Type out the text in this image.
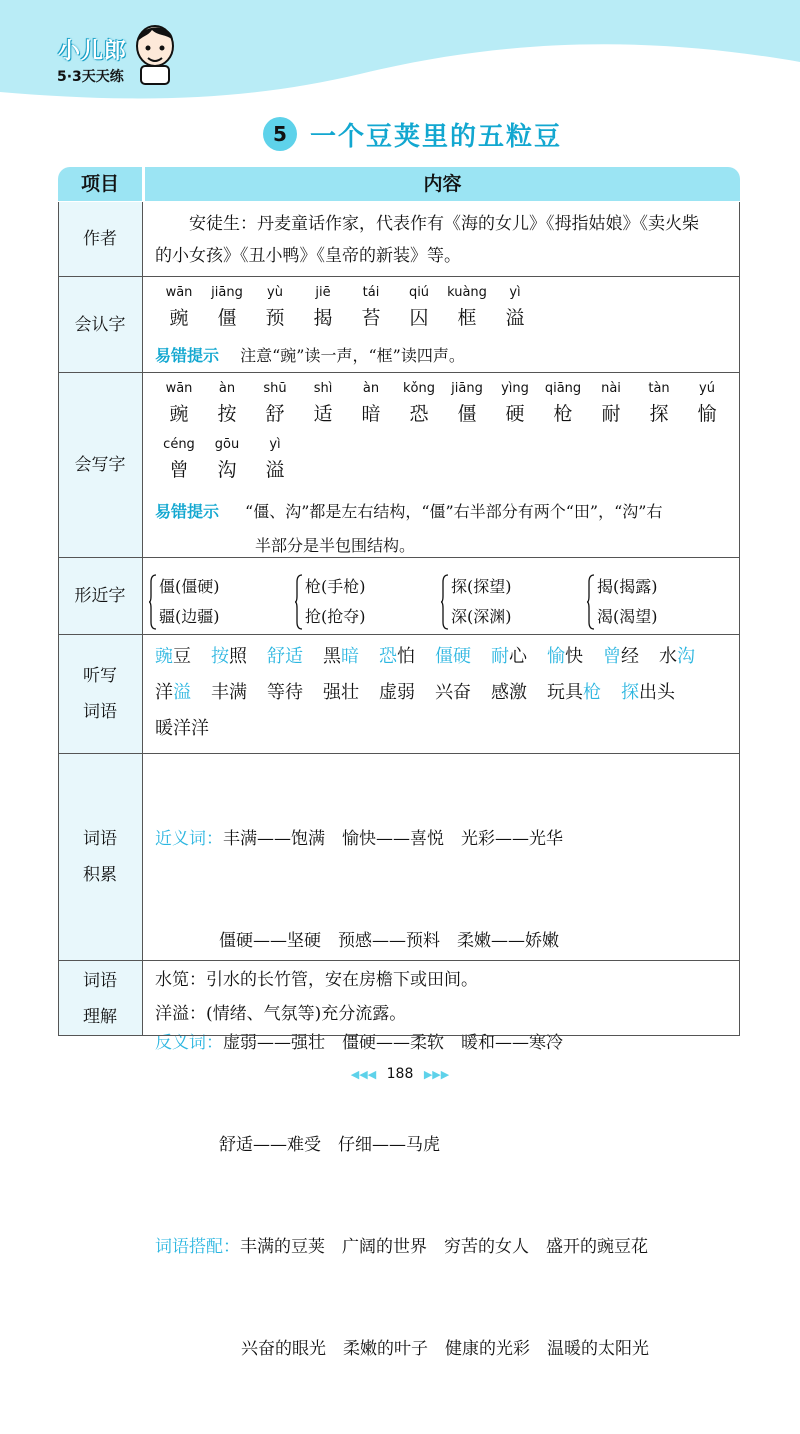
小儿郎
5·3天天练
5 一个豆荚里的五粒豆
项目	内容
作者
安徒生：丹麦童话作家，代表作有《海的女儿》《拇指姑娘》《卖火柴
的小女孩》《丑小鸭》《皇帝的新装》等。
会认字
wān
豌
jiāng
僵
yù
预
jiē
揭
tái
苔
qiú
囚
kuàng
框
yì
溢
易错提示 注意“豌”读一声，“框”读四声。
会写字
wān
豌
àn
按
shū
舒
shì
适
àn
暗
kǒng
恐
jiāng
僵
yìng
硬
qiāng
枪
nài
耐
tàn
探
yú
愉
céng
曾
gōu
沟
yì
溢
易错提示 “僵、沟”都是左右结构，“僵”右半部分有两个“田”，“沟”右
半部分是半包围结构。
形近字 僵(僵硬)
疆(边疆)
枪(手枪)
抢(抢夺)
探(探望)
深(深渊)
揭(揭露)
渴(渴望)
听写
词语
豌豆 按照 舒适 黑暗 恐怕 僵硬 耐心 愉快 曾经 水沟
洋溢 丰满 等待 强壮 虚弱 兴奋 感激 玩具枪 探出头
暖洋洋
词语
积累

近义词：丰满——饱满　愉快——喜悦　光彩——光华

僵硬——坚硬　预感——预料　柔嫩——娇嫩

反义词：虚弱——强壮　僵硬——柔软　暖和——寒冷

舒适——难受　仔细——马虎

词语搭配：丰满的豆荚　广阔的世界　穷苦的女人　盛开的豌豆花

兴奋的眼光　柔嫩的叶子　健康的光彩　温暖的太阳光

词语
理解
水笕：引水的长竹管，安在房檐下或田间。
洋溢：(情绪、气氛等)充分流露。
◀◀◀ 188 ▶▶▶
